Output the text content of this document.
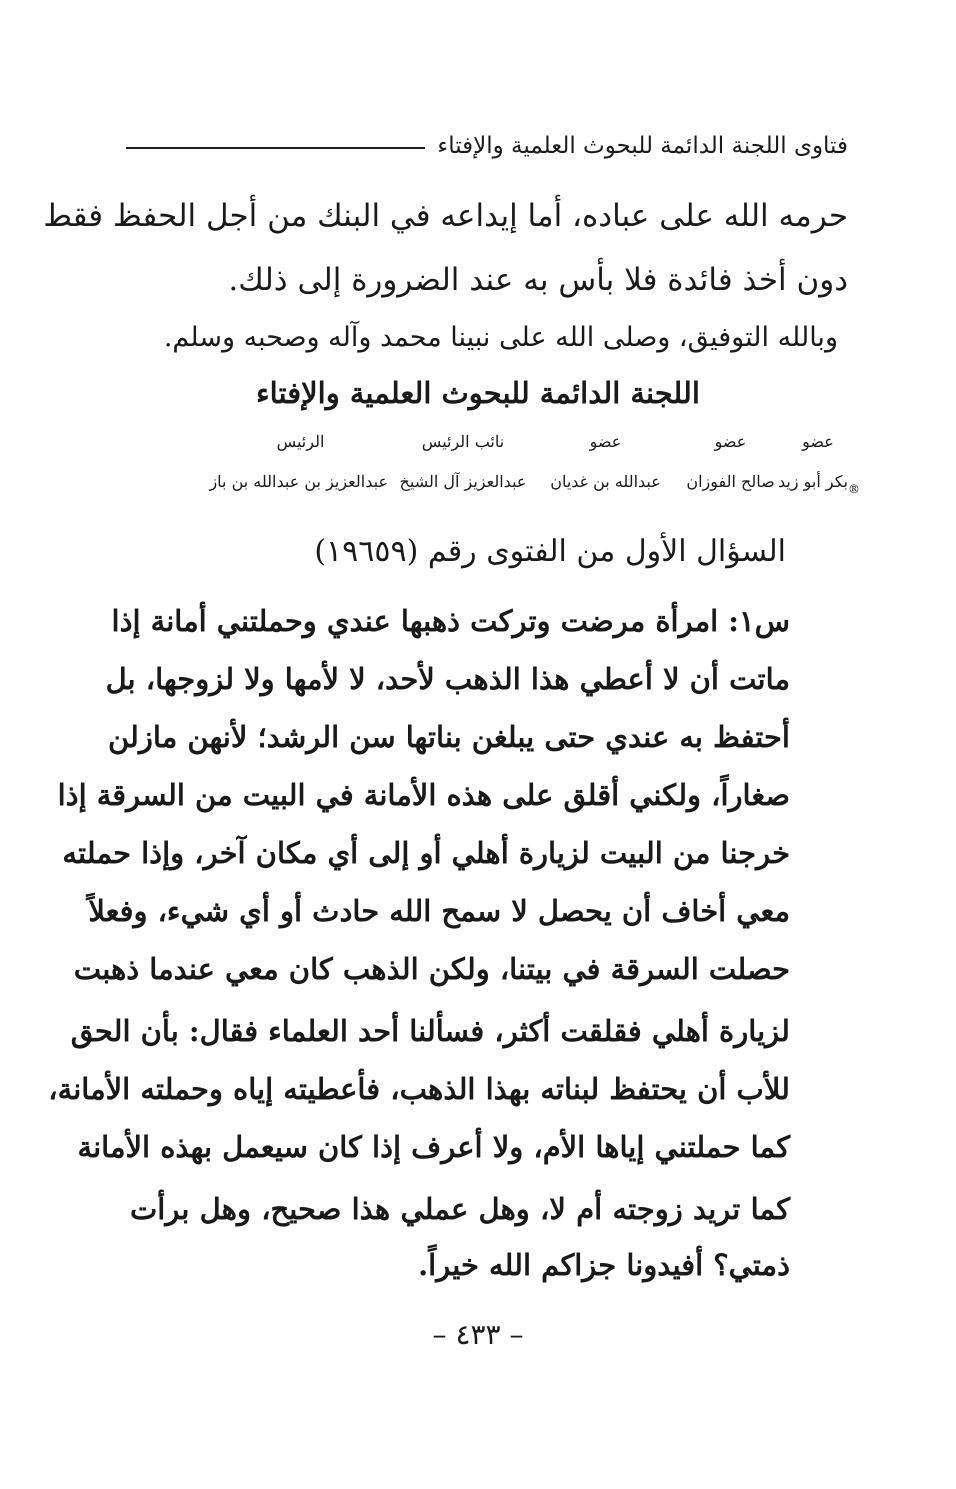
فتاوى اللجنة الدائمة للبحوث العلمية والإفتاء
حرمه الله على عباده، أما إيداعه في البنك من أجل الحفظ فقط
دون أخذ فائدة فلا بأس به عند الضرورة إلى ذلك.
وبالله التوفيق، وصلى الله على نبينا محمد وآله وصحبه وسلم.
اللجنة الدائمة للبحوث العلمية والإفتاء
عضو
عضو
عضو
نائب الرئيس
الرئيس
®
بكر أبو زيد
صالح الفوزان
عبدالله بن غديان
عبدالعزيز آل الشيخ
عبدالعزيز بن عبدالله بن باز
السؤال الأول من الفتوى رقم (١٩٦٥٩)
س١: امرأة مرضت وتركت ذهبها عندي وحملتني أمانة إذا
ماتت أن لا أعطي هذا الذهب لأحد، لا لأمها ولا لزوجها، بل
أحتفظ به عندي حتى يبلغن بناتها سن الرشد؛ لأنهن مازلن
صغاراً، ولكني أقلق على هذه الأمانة في البيت من السرقة إذا
خرجنا من البيت لزيارة أهلي أو إلى أي مكان آخر، وإذا حملته
معي أخاف أن يحصل لا سمح الله حادث أو أي شيء، وفعلاً
حصلت السرقة في بيتنا، ولكن الذهب كان معي عندما ذهبت
لزيارة أهلي فقلقت أكثر، فسألنا أحد العلماء فقال: بأن الحق
للأب أن يحتفظ لبناته بهذا الذهب، فأعطيته إياه وحملته الأمانة،
كما حملتني إياها الأم، ولا أعرف إذا كان سيعمل بهذه الأمانة
كما تريد زوجته أم لا، وهل عملي هذا صحيح، وهل برأت
ذمتي؟ أفيدونا جزاكم الله خيراً.
– ٤٣٣ –
